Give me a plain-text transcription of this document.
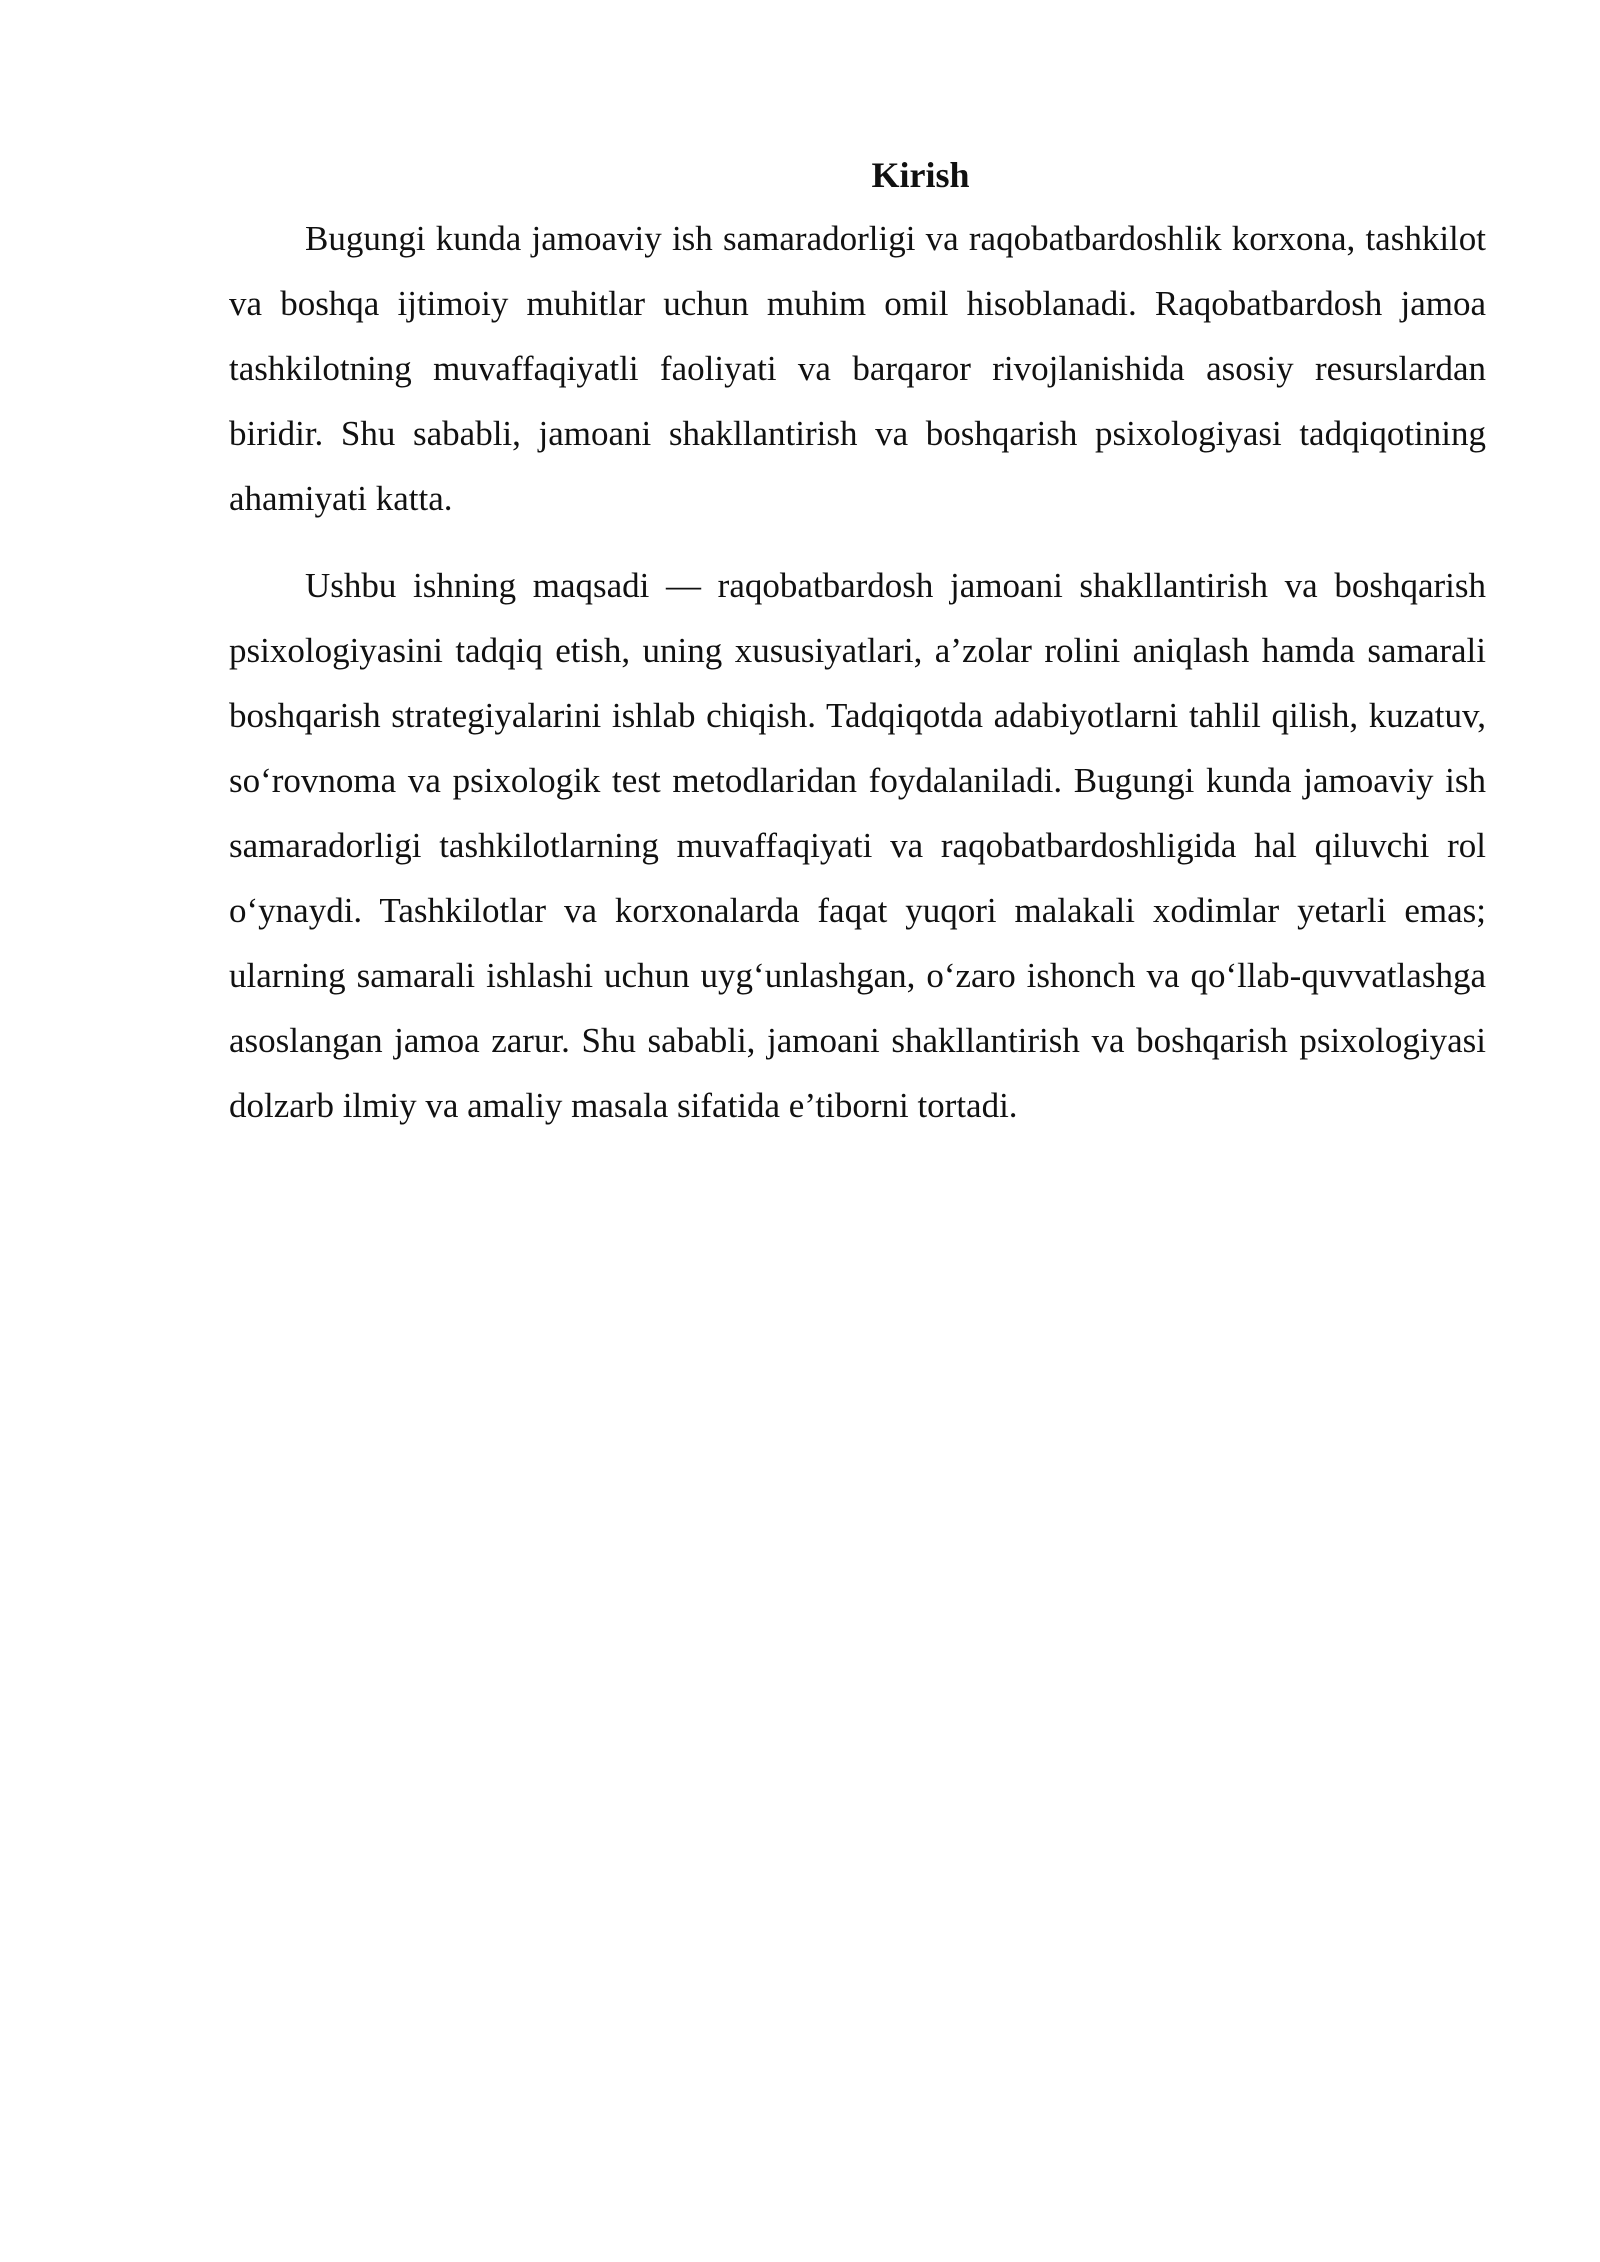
Kirish

Bugungi kunda jamoaviy ish samaradorligi va raqobatbardoshlik korxona, tashkilot va boshqa ijtimoiy muhitlar uchun muhim omil hisoblanadi. Raqobatbardosh jamoa tashkilotning muvaffaqiyatli faoliyati va barqaror rivojlanishida asosiy resurslardan biridir. Shu sababli, jamoani shakllantirish va boshqarish psixologiyasi tadqiqotining ahamiyati katta.

Ushbu ishning maqsadi — raqobatbardosh jamoani shakllantirish va boshqarish psixologiyasini tadqiq etish, uning xususiyatlari, a’zolar rolini aniqlash hamda samarali boshqarish strategiyalarini ishlab chiqish. Tadqiqotda adabiyotlarni tahlil qilish, kuzatuv, so‘rovnoma va psixologik test metodlaridan foydalaniladi. Bugungi kunda jamoaviy ish samaradorligi tashkilotlarning muvaffaqiyati va raqobatbardoshligida hal qiluvchi rol o‘ynaydi. Tashkilotlar va korxonalarda faqat yuqori malakali xodimlar yetarli emas; ularning samarali ishlashi uchun uyg‘unlashgan, o‘zaro ishonch va qo‘llab-quvvatlashga asoslangan jamoa zarur. Shu sababli, jamoani shakllantirish va boshqarish psixologiyasi dolzarb ilmiy va amaliy masala sifatida e’tiborni tortadi.
